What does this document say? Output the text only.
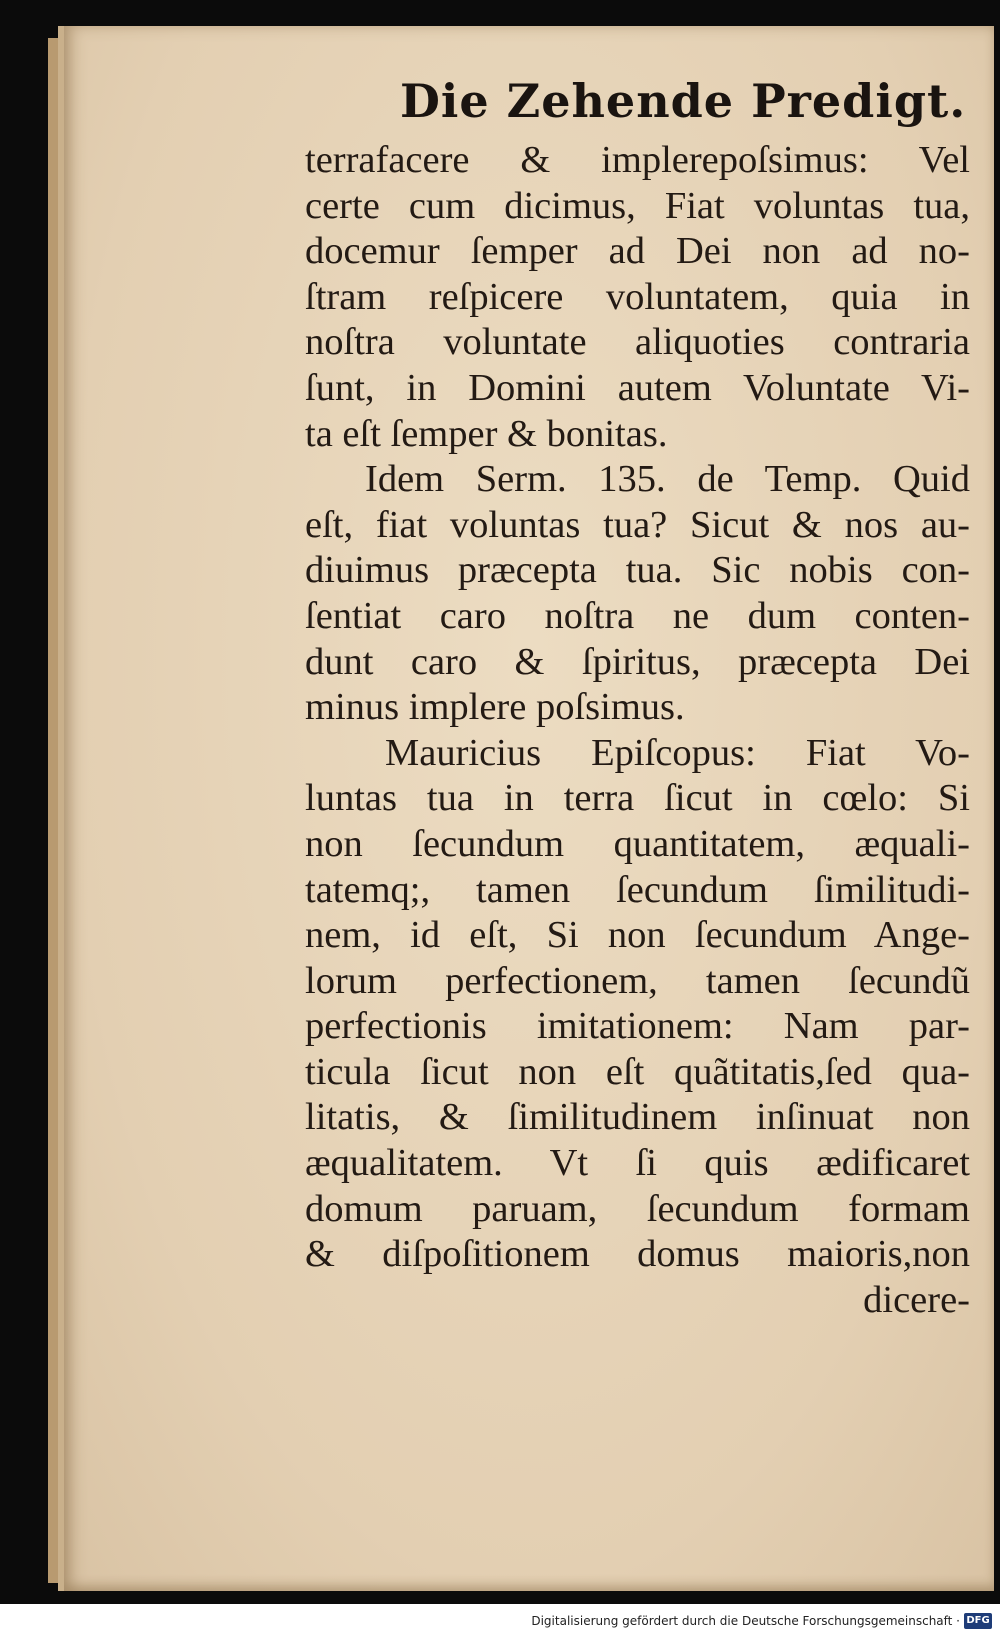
Die Zehende Predigt.
terrafacere & implerepoſsimus: Vel
certe cum dicimus, Fiat voluntas tua,
docemur ſemper ad Dei non ad no-
ſtram reſpicere voluntatem, quia in
noſtra voluntate aliquoties contraria
ſunt, in Domini autem Voluntate Vi-
ta eſt ſemper & bonitas.
Idem Serm. 135. de Temp. Quid
eſt, fiat voluntas tua? Sicut & nos au-
diuimus præcepta tua. Sic nobis con-
ſentiat caro noſtra ne dum conten-
dunt caro & ſpiritus, præcepta Dei
minus implere poſsimus.
Mauricius Epiſcopus: Fiat Vo-
luntas tua in terra ſicut in cœlo: Si
non ſecundum quantitatem, æquali-
tatemq;, tamen ſecundum ſimilitudi-
nem, id eſt, Si non ſecundum Ange-
lorum perfectionem, tamen ſecundũ
perfectionis imitationem: Nam par-
ticula ſicut non eſt quãtitatis,ſed qua-
litatis, & ſimilitudinem inſinuat non
æqualitatem. Vt ſi quis ædificaret
domum paruam, ſecundum formam
& diſpoſitionem domus maioris,non
dicere-
Digitalisierung gefördert durch die Deutsche Forschungsgemeinschaft · DFG
